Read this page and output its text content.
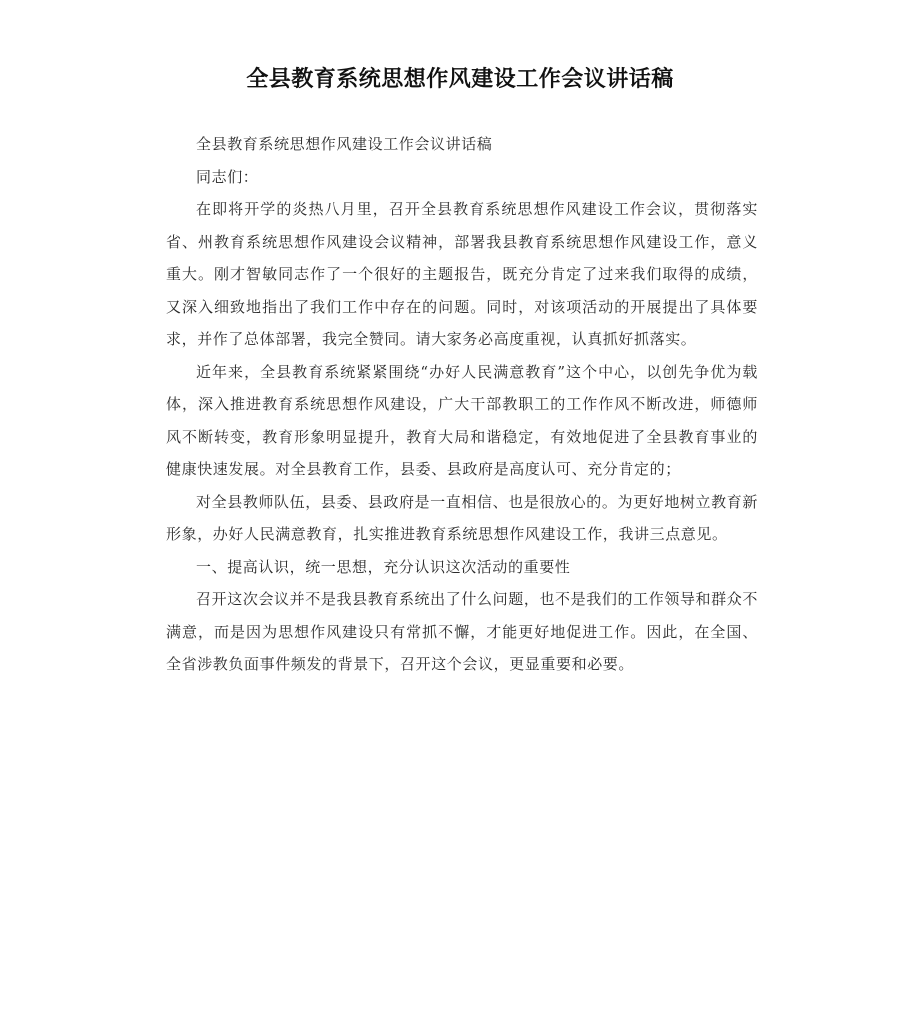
全县教育系统思想作风建设工作会议讲话稿

全县教育系统思想作风建设工作会议讲话稿

同志们：

在即将开学的炎热八月里，召开全县教育系统思想作风建设工作会议，贯彻落实省、州教育系统思想作风建设会议精神，部署我县教育系统思想作风建设工作，意义重大。刚才智敏同志作了一个很好的主题报告，既充分肯定了过来我们取得的成绩，又深入细致地指出了我们工作中存在的问题。同时，对该项活动的开展提出了具体要求，并作了总体部署，我完全赞同。请大家务必高度重视，认真抓好抓落实。

近年来，全县教育系统紧紧围绕“办好人民满意教育”这个中心，以创先争优为载体，深入推进教育系统思想作风建设，广大干部教职工的工作作风不断改进，师德师风不断转变，教育形象明显提升，教育大局和谐稳定，有效地促进了全县教育事业的健康快速发展。对全县教育工作，县委、县政府是高度认可、充分肯定的；

对全县教师队伍，县委、县政府是一直相信、也是很放心的。为更好地树立教育新形象，办好人民满意教育，扎实推进教育系统思想作风建设工作，我讲三点意见。

一、提高认识，统一思想，充分认识这次活动的重要性

召开这次会议并不是我县教育系统出了什么问题，也不是我们的工作领导和群众不满意，而是因为思想作风建设只有常抓不懈，才能更好地促进工作。因此，在全国、全省涉教负面事件频发的背景下，召开这个会议，更显重要和必要。
